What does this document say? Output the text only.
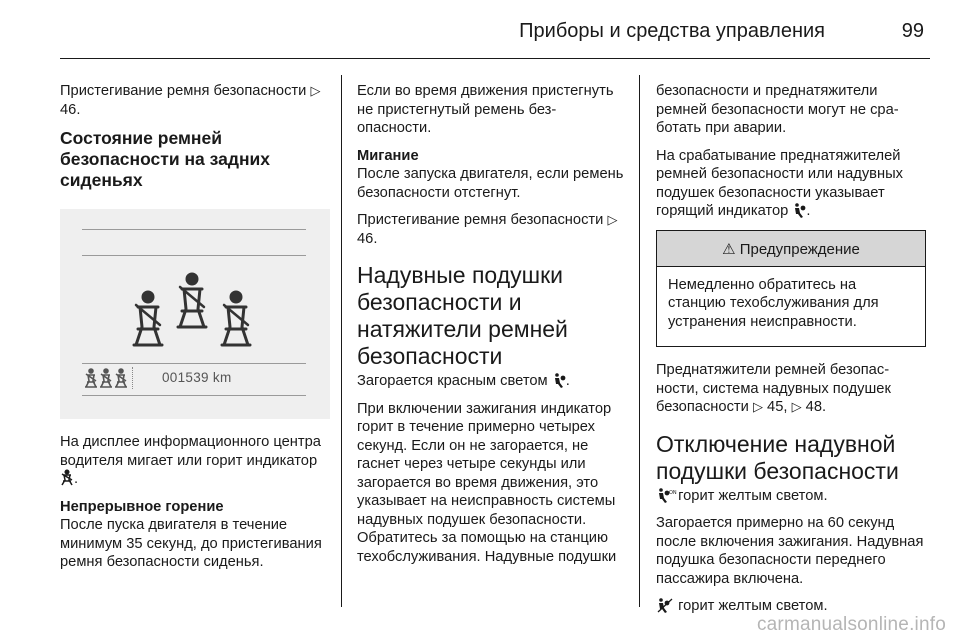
Приборы и средства управления	99

Пристегивание ремня безопасности ▷ 46.

Состояние ремней безопасности на задних сиденьях
001539 km

На дисплее информационного центра водителя мигает или горит индикатор .

Непрерывное горение
После пуска двигателя в течение минимум 35 секунд, до пристегивания ремня безопасности сиденья.

Если во время движения пристегнуть не пристегнутый ремень безопасности.

Мигание
После запуска двигателя, если ремень безопасности отстегнут.

Пристегивание ремня безопасности ▷ 46.

Надувные подушки безопасности и натяжители ремней безопасности

Загорается красным светом .

При включении зажигания индикатор горит в течение примерно четырех секунд. Если он не загорается, не гаснет через четыре секунды или загорается во время движения, это указывает на неисправность системы надувных подушек безопасности. Обратитесь за помощью на станцию техобслуживания. Надувные подушки

безопасности и преднатяжители ремней безопасности могут не сработать при аварии.

На срабатывание преднатяжителей ремней безопасности или надувных подушек безопасности указывает горящий индикатор .

⚠ Предупреждение

Немедленно обратитесь на станцию техобслуживания для устранения неисправности.

Преднатяжители ремней безопасности, система надувных подушек безопасности ▷ 45, ▷ 48.

Отключение надувной подушки безопасности

ON горит желтым светом.

Загорается примерно на 60 секунд после включения зажигания. Надувная подушка безопасности переднего пассажира включена.

горит желтым светом.

carmanualsonline.info
